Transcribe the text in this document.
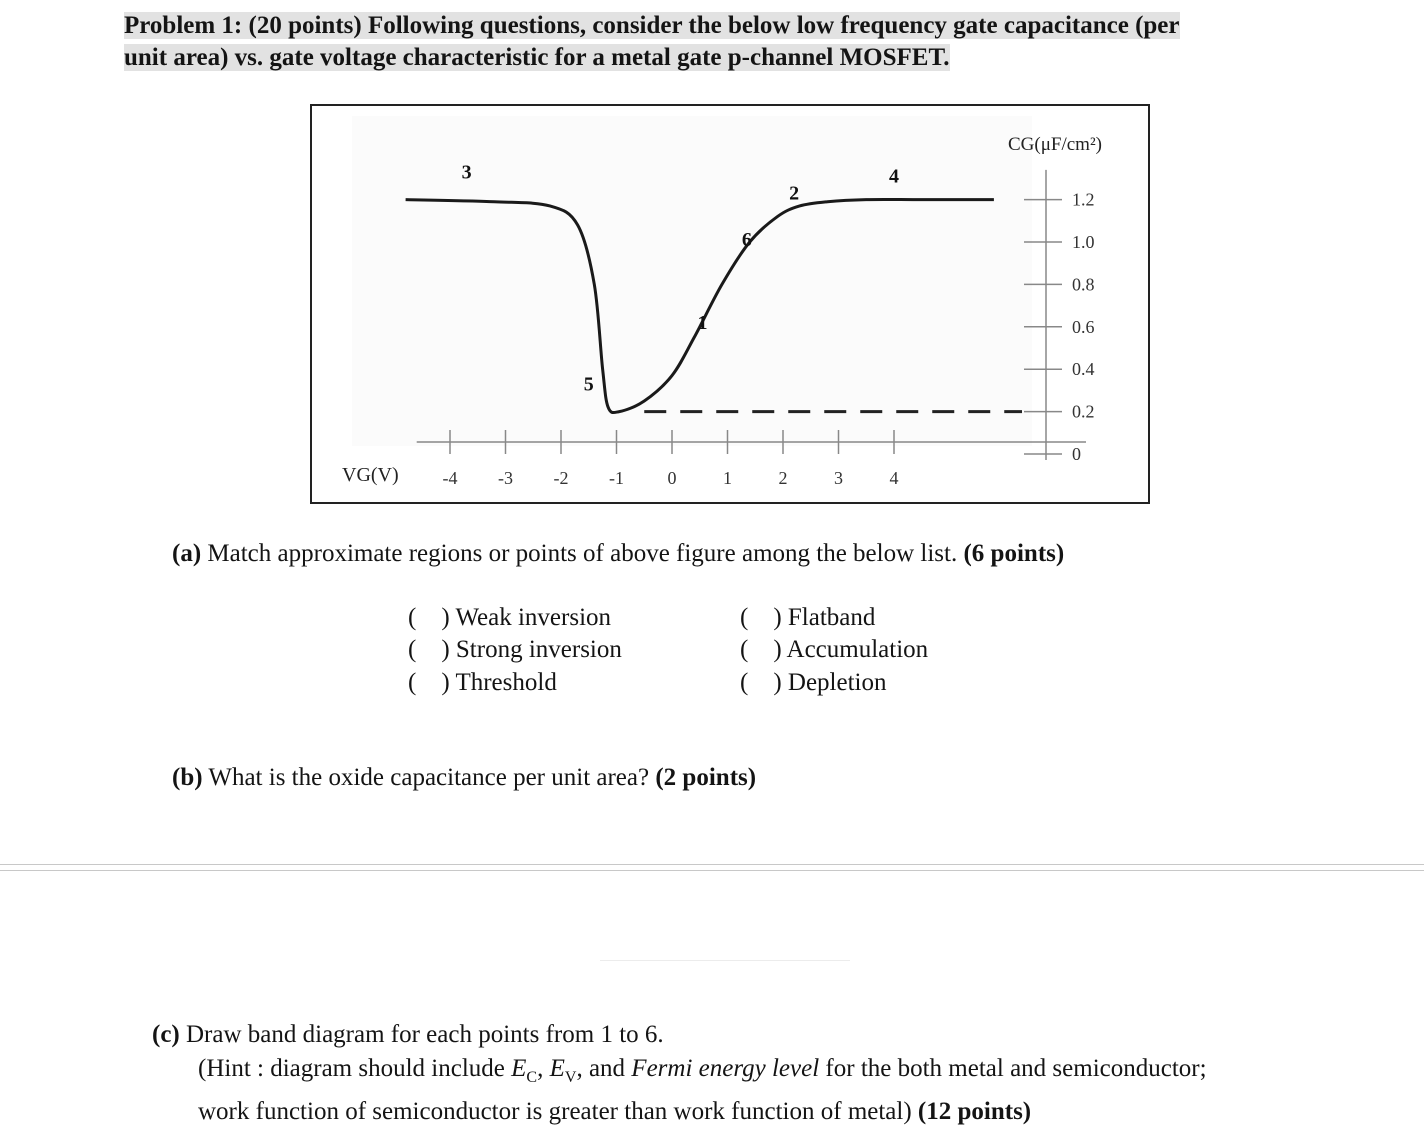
Problem 1: (20 points) Following questions, consider the below low frequency gate capacitance (per
unit area) vs. gate voltage characteristic for a metal gate p-channel MOSFET.
-4 -3 -2 -1 0	1	2	3	4
VG(V)
0
0.2
0.4
0.6
0.8
1.0
1.2
CG(μF/cm²)
3
5
1
6
2
4
(a) Match approximate regions or points of above figure among the below list. (6 points)
(    ) Weak inversion
(    ) Strong inversion
(    ) Threshold
(    ) Flatband
(    ) Accumulation
(    ) Depletion
(b) What is the oxide capacitance per unit area? (2 points)
(c) Draw band diagram for each points from 1 to 6.
(Hint : diagram should include $E_C$, $E_V$, and Fermi energy level for the both metal and semiconductor;
work function of semiconductor is greater than work function of metal) (12 points)
